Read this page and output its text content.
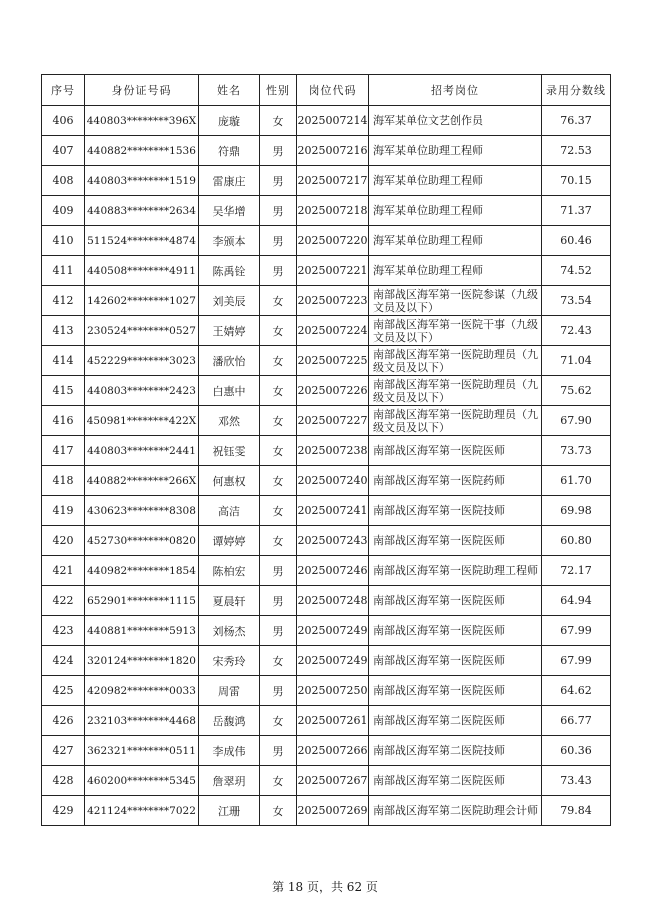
序号	身份证号码	姓名	性别	岗位代码	招考岗位	录用分数线
406	440803********396X	庞璇	女	2025007214	海军某单位文艺创作员	76.37
407	440882********1536	符鼎	男	2025007216	海军某单位助理工程师	72.53
408	440803********1519	雷康庄	男	2025007217	海军某单位助理工程师	70.15
409	440883********2634	吴华增	男	2025007218	海军某单位助理工程师	71.37
410	511524********4874	李颁本	男	2025007220	海军某单位助理工程师	60.46
411	440508********4911	陈禹铨	男	2025007221	海军某单位助理工程师	74.52
412	142602********1027	刘美辰	女	2025007223	南部战区海军第一医院参谋（九级文员及以下）	73.54
413	230524********0527	王婧婷	女	2025007224	南部战区海军第一医院干事（九级文员及以下）	72.43
414	452229********3023	潘欣怡	女	2025007225	南部战区海军第一医院助理员（九级文员及以下）	71.04
415	440803********2423	白惠中	女	2025007226	南部战区海军第一医院助理员（九级文员及以下）	75.62
416	450981********422X	邓然	女	2025007227	南部战区海军第一医院助理员（九级文员及以下）	67.90
417	440803********2441	祝钰雯	女	2025007238	南部战区海军第一医院医师	73.73
418	440882********266X	何惠权	女	2025007240	南部战区海军第一医院药师	61.70
419	430623********8308	高洁	女	2025007241	南部战区海军第一医院技师	69.98
420	452730********0820	谭婷婷	女	2025007243	南部战区海军第一医院医师	60.80
421	440982********1854	陈柏宏	男	2025007246	南部战区海军第一医院助理工程师	72.17
422	652901********1115	夏晨轩	男	2025007248	南部战区海军第一医院医师	64.94
423	440881********5913	刘杨杰	男	2025007249	南部战区海军第一医院医师	67.99
424	320124********1820	宋秀玲	女	2025007249	南部战区海军第一医院医师	67.99
425	420982********0033	周雷	男	2025007250	南部战区海军第一医院医师	64.62
426	232103********4468	岳馥鸿	女	2025007261	南部战区海军第二医院医师	66.77
427	362321********0511	李成伟	男	2025007266	南部战区海军第二医院技师	60.36
428	460200********5345	詹翠玥	女	2025007267	南部战区海军第二医院医师	73.43
429	421124********7022	江珊	女	2025007269	南部战区海军第二医院助理会计师	79.84
第 18 页，共 62 页
